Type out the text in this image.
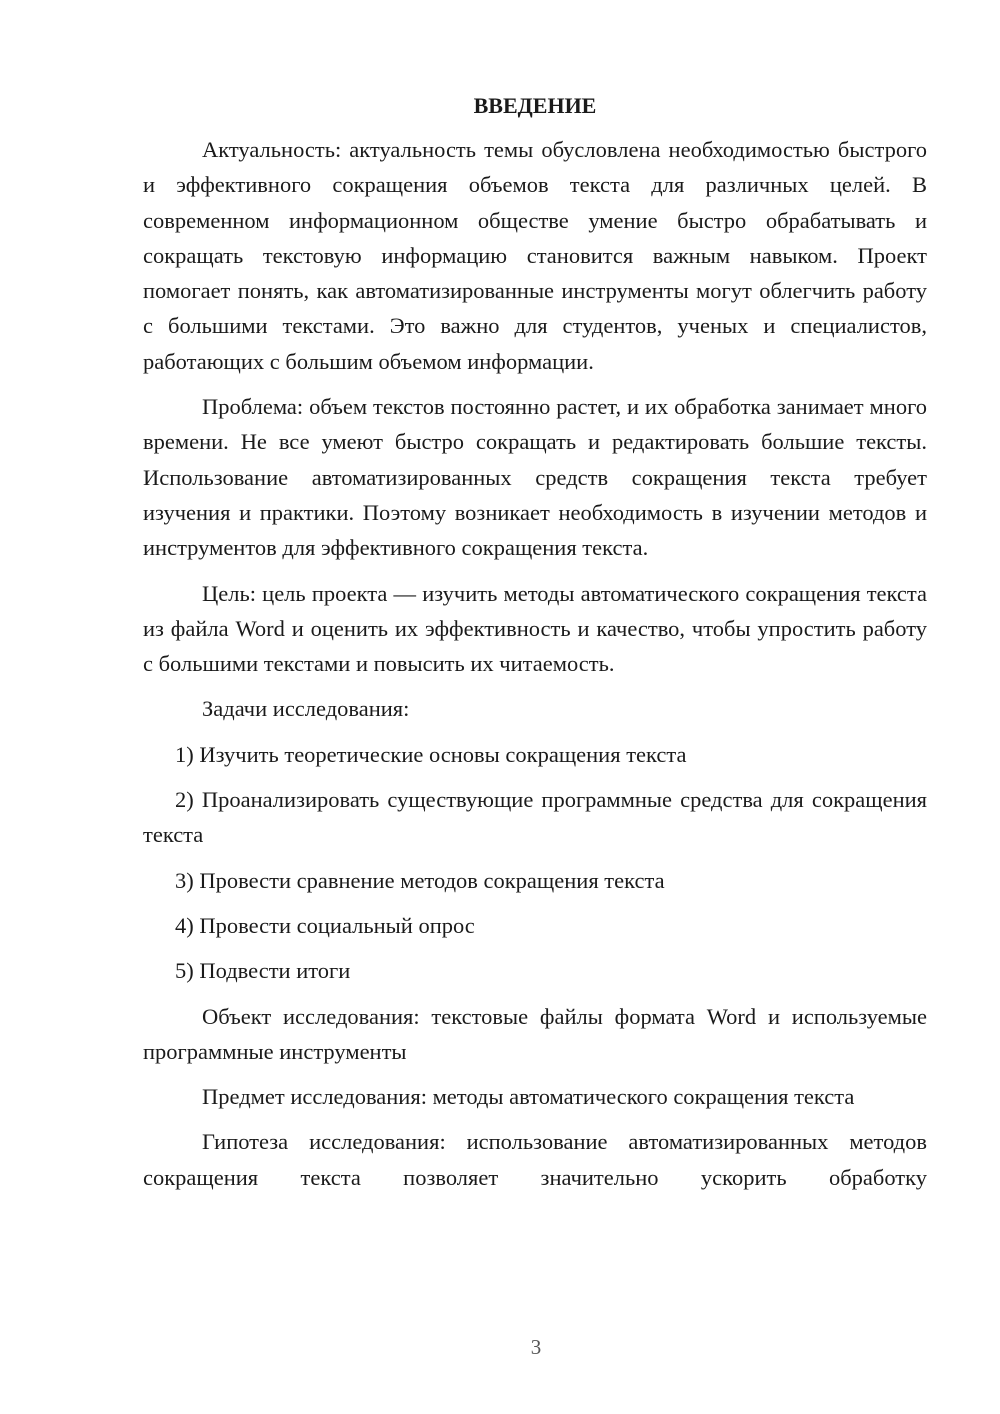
ВВЕДЕНИЕ

Актуальность: актуальность темы обусловлена необходимостью быстрого и эффективного сокращения объемов текста для различных целей. В современном информационном обществе умение быстро обрабатывать и сокращать текстовую информацию становится важным навыком. Проект помогает понять, как автоматизированные инструменты могут облегчить работу с большими текстами. Это важно для студентов, ученых и специалистов, работающих с большим объемом информации.

Проблема: объем текстов постоянно растет, и их обработка занимает много времени. Не все умеют быстро сокращать и редактировать большие тексты. Использование автоматизированных средств сокращения текста требует изучения и практики. Поэтому возникает необходимость в изучении методов и инструментов для эффективного сокращения текста.

Цель: цель проекта — изучить методы автоматического сокращения текста из файла Word и оценить их эффективность и качество, чтобы упростить работу с большими текстами и повысить их читаемость.

Задачи исследования:

1) Изучить теоретические основы сокращения текста

2) Проанализировать существующие программные средства для сокращения текста

3) Провести сравнение методов сокращения текста

4) Провести социальный опрос

5) Подвести итоги

Объект исследования: текстовые файлы формата Word и используемые программные инструменты

Предмет исследования: методы автоматического сокращения текста

Гипотеза исследования: использование автоматизированных методов сокращения текста позволяет значительно ускорить обработку

3
